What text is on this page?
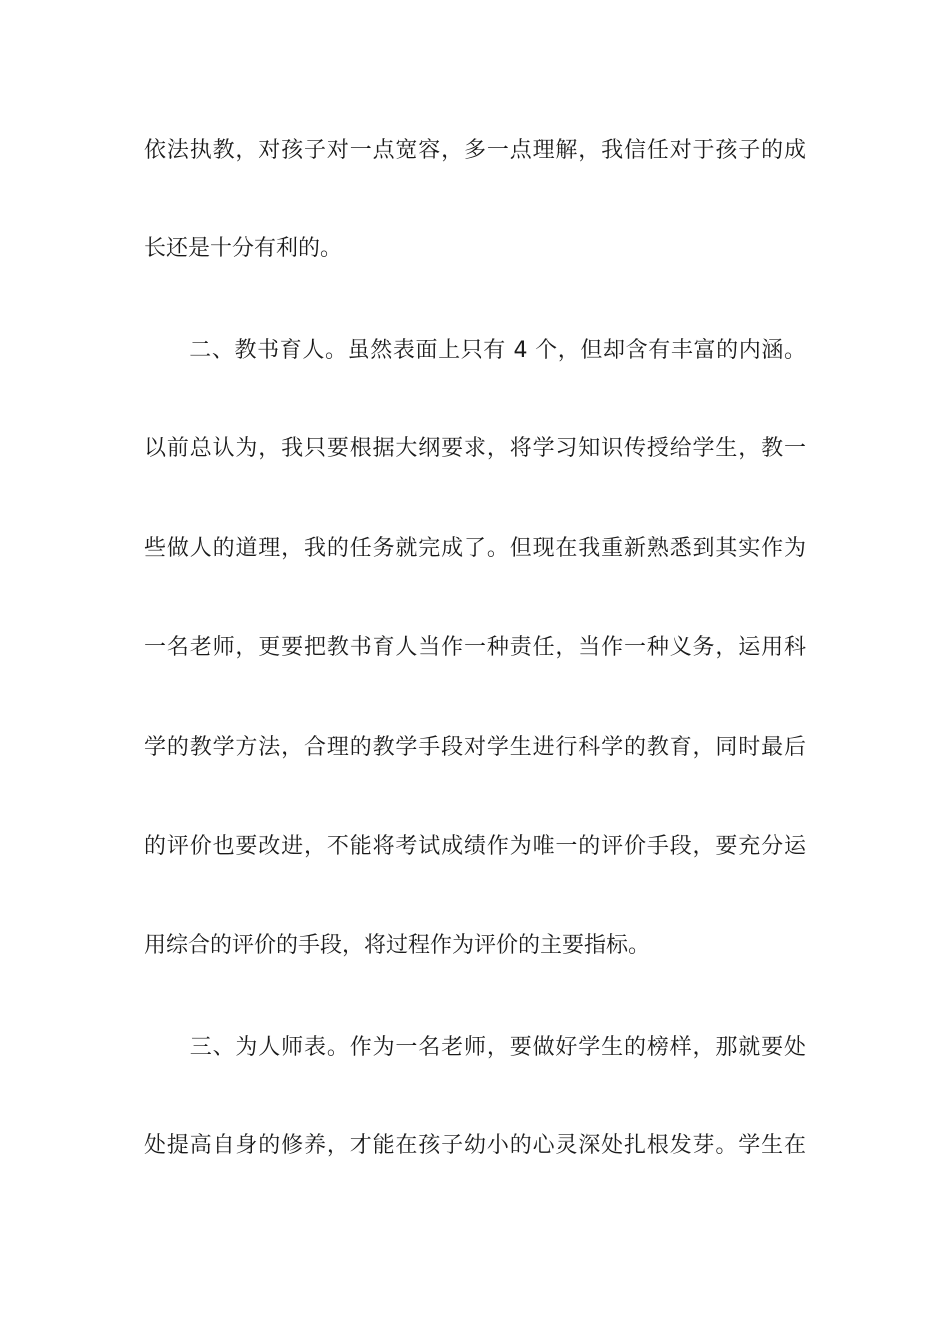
依法执教，对孩子对一点宽容，多一点理解，我信任对于孩子的成
长还是十分有利的。
　　二、教书育人。虽然表面上只有 4 个，但却含有丰富的内涵。
以前总认为，我只要根据大纲要求，将学习知识传授给学生，教一
些做人的道理，我的任务就完成了。但现在我重新熟悉到其实作为
一名老师，更要把教书育人当作一种责任，当作一种义务，运用科
学的教学方法，合理的教学手段对学生进行科学的教育，同时最后
的评价也要改进，不能将考试成绩作为唯一的评价手段，要充分运
用综合的评价的手段，将过程作为评价的主要指标。
　　三、为人师表。作为一名老师，要做好学生的榜样，那就要处
处提高自身的修养，才能在孩子幼小的心灵深处扎根发芽。学生在
